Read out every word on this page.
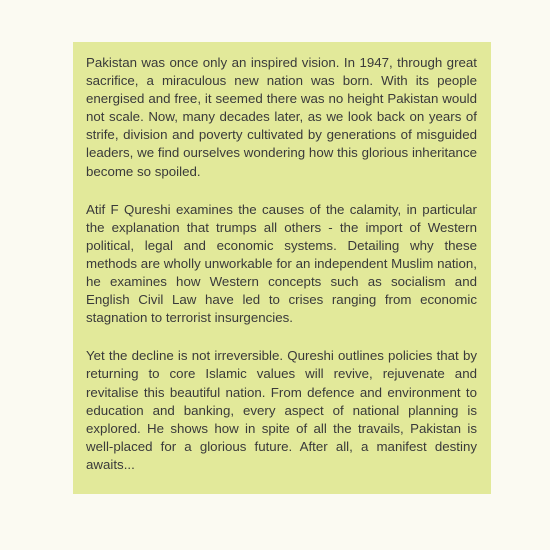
Pakistan was once only an inspired vision. In 1947, through great sacrifice, a miraculous new nation was born. With its people energised and free, it seemed there was no height Pakistan would not scale. Now, many decades later, as we look back on years of strife, division and poverty cultivated by generations of misguided leaders, we find ourselves wondering how this glorious inheritance become so spoiled.

Atif F Qureshi examines the causes of the calamity, in particular the explanation that trumps all others - the import of Western political, legal and economic systems. Detailing why these methods are wholly unworkable for an independent Muslim nation, he examines how Western concepts such as socialism and English Civil Law have led to crises ranging from economic stagnation to terrorist insurgencies.

Yet the decline is not irreversible. Qureshi outlines policies that by returning to core Islamic values will revive, rejuvenate and revitalise this beautiful nation. From defence and environment to education and banking, every aspect of national planning is explored. He shows how in spite of all the travails, Pakistan is well-placed for a glorious future. After all, a manifest destiny awaits...
